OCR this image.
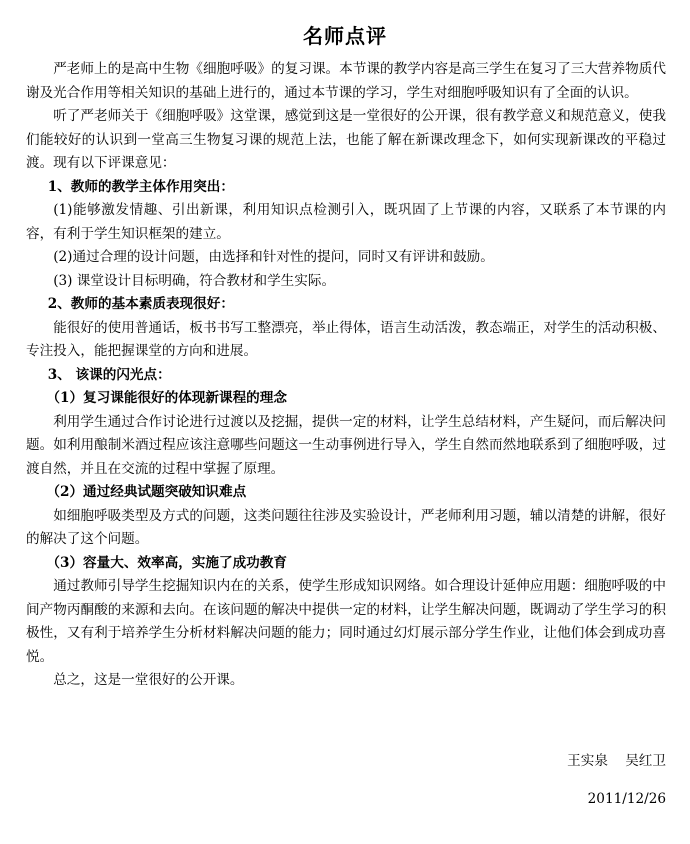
名师点评

严老师上的是高中生物《细胞呼吸》的复习课。本节课的教学内容是高三学生在复习了三大营养物质代谢及光合作用等相关知识的基础上进行的，通过本节课的学习，学生对细胞呼吸知识有了全面的认识。

听了严老师关于《细胞呼吸》这堂课，感觉到这是一堂很好的公开课，很有教学意义和规范意义，使我们能较好的认识到一堂高三生物复习课的规范上法，也能了解在新课改理念下，如何实现新课改的平稳过渡。现有以下评课意见：

1、教师的教学主体作用突出：

(1)能够激发情趣、引出新课，利用知识点检测引入，既巩固了上节课的内容，又联系了本节课的内容，有利于学生知识框架的建立。

(2)通过合理的设计问题，由选择和针对性的提问，同时又有评讲和鼓励。

(3) 课堂设计目标明确，符合教材和学生实际。

2、教师的基本素质表现很好：

能很好的使用普通话，板书书写工整漂亮，举止得体，语言生动活泼，教态端正，对学生的活动积极、专注投入，能把握课堂的方向和进展。

3、 该课的闪光点：

（1）复习课能很好的体现新课程的理念

利用学生通过合作讨论进行过渡以及挖掘，提供一定的材料，让学生总结材料，产生疑问，而后解决问题。如利用酿制米酒过程应该注意哪些问题这一生动事例进行导入，学生自然而然地联系到了细胞呼吸，过渡自然，并且在交流的过程中掌握了原理。

（2）通过经典试题突破知识难点

如细胞呼吸类型及方式的问题，这类问题往往涉及实验设计，严老师利用习题，辅以清楚的讲解，很好的解决了这个问题。

（3）容量大、效率高，实施了成功教育

通过教师引导学生挖掘知识内在的关系，使学生形成知识网络。如合理设计延伸应用题：细胞呼吸的中间产物丙酮酸的来源和去向。在该问题的解决中提供一定的材料，让学生解决问题，既调动了学生学习的积极性，又有利于培养学生分析材料解决问题的能力；同时通过幻灯展示部分学生作业，让他们体会到成功喜悦。

总之，这是一堂很好的公开课。

王实泉    吴红卫
2011/12/26
